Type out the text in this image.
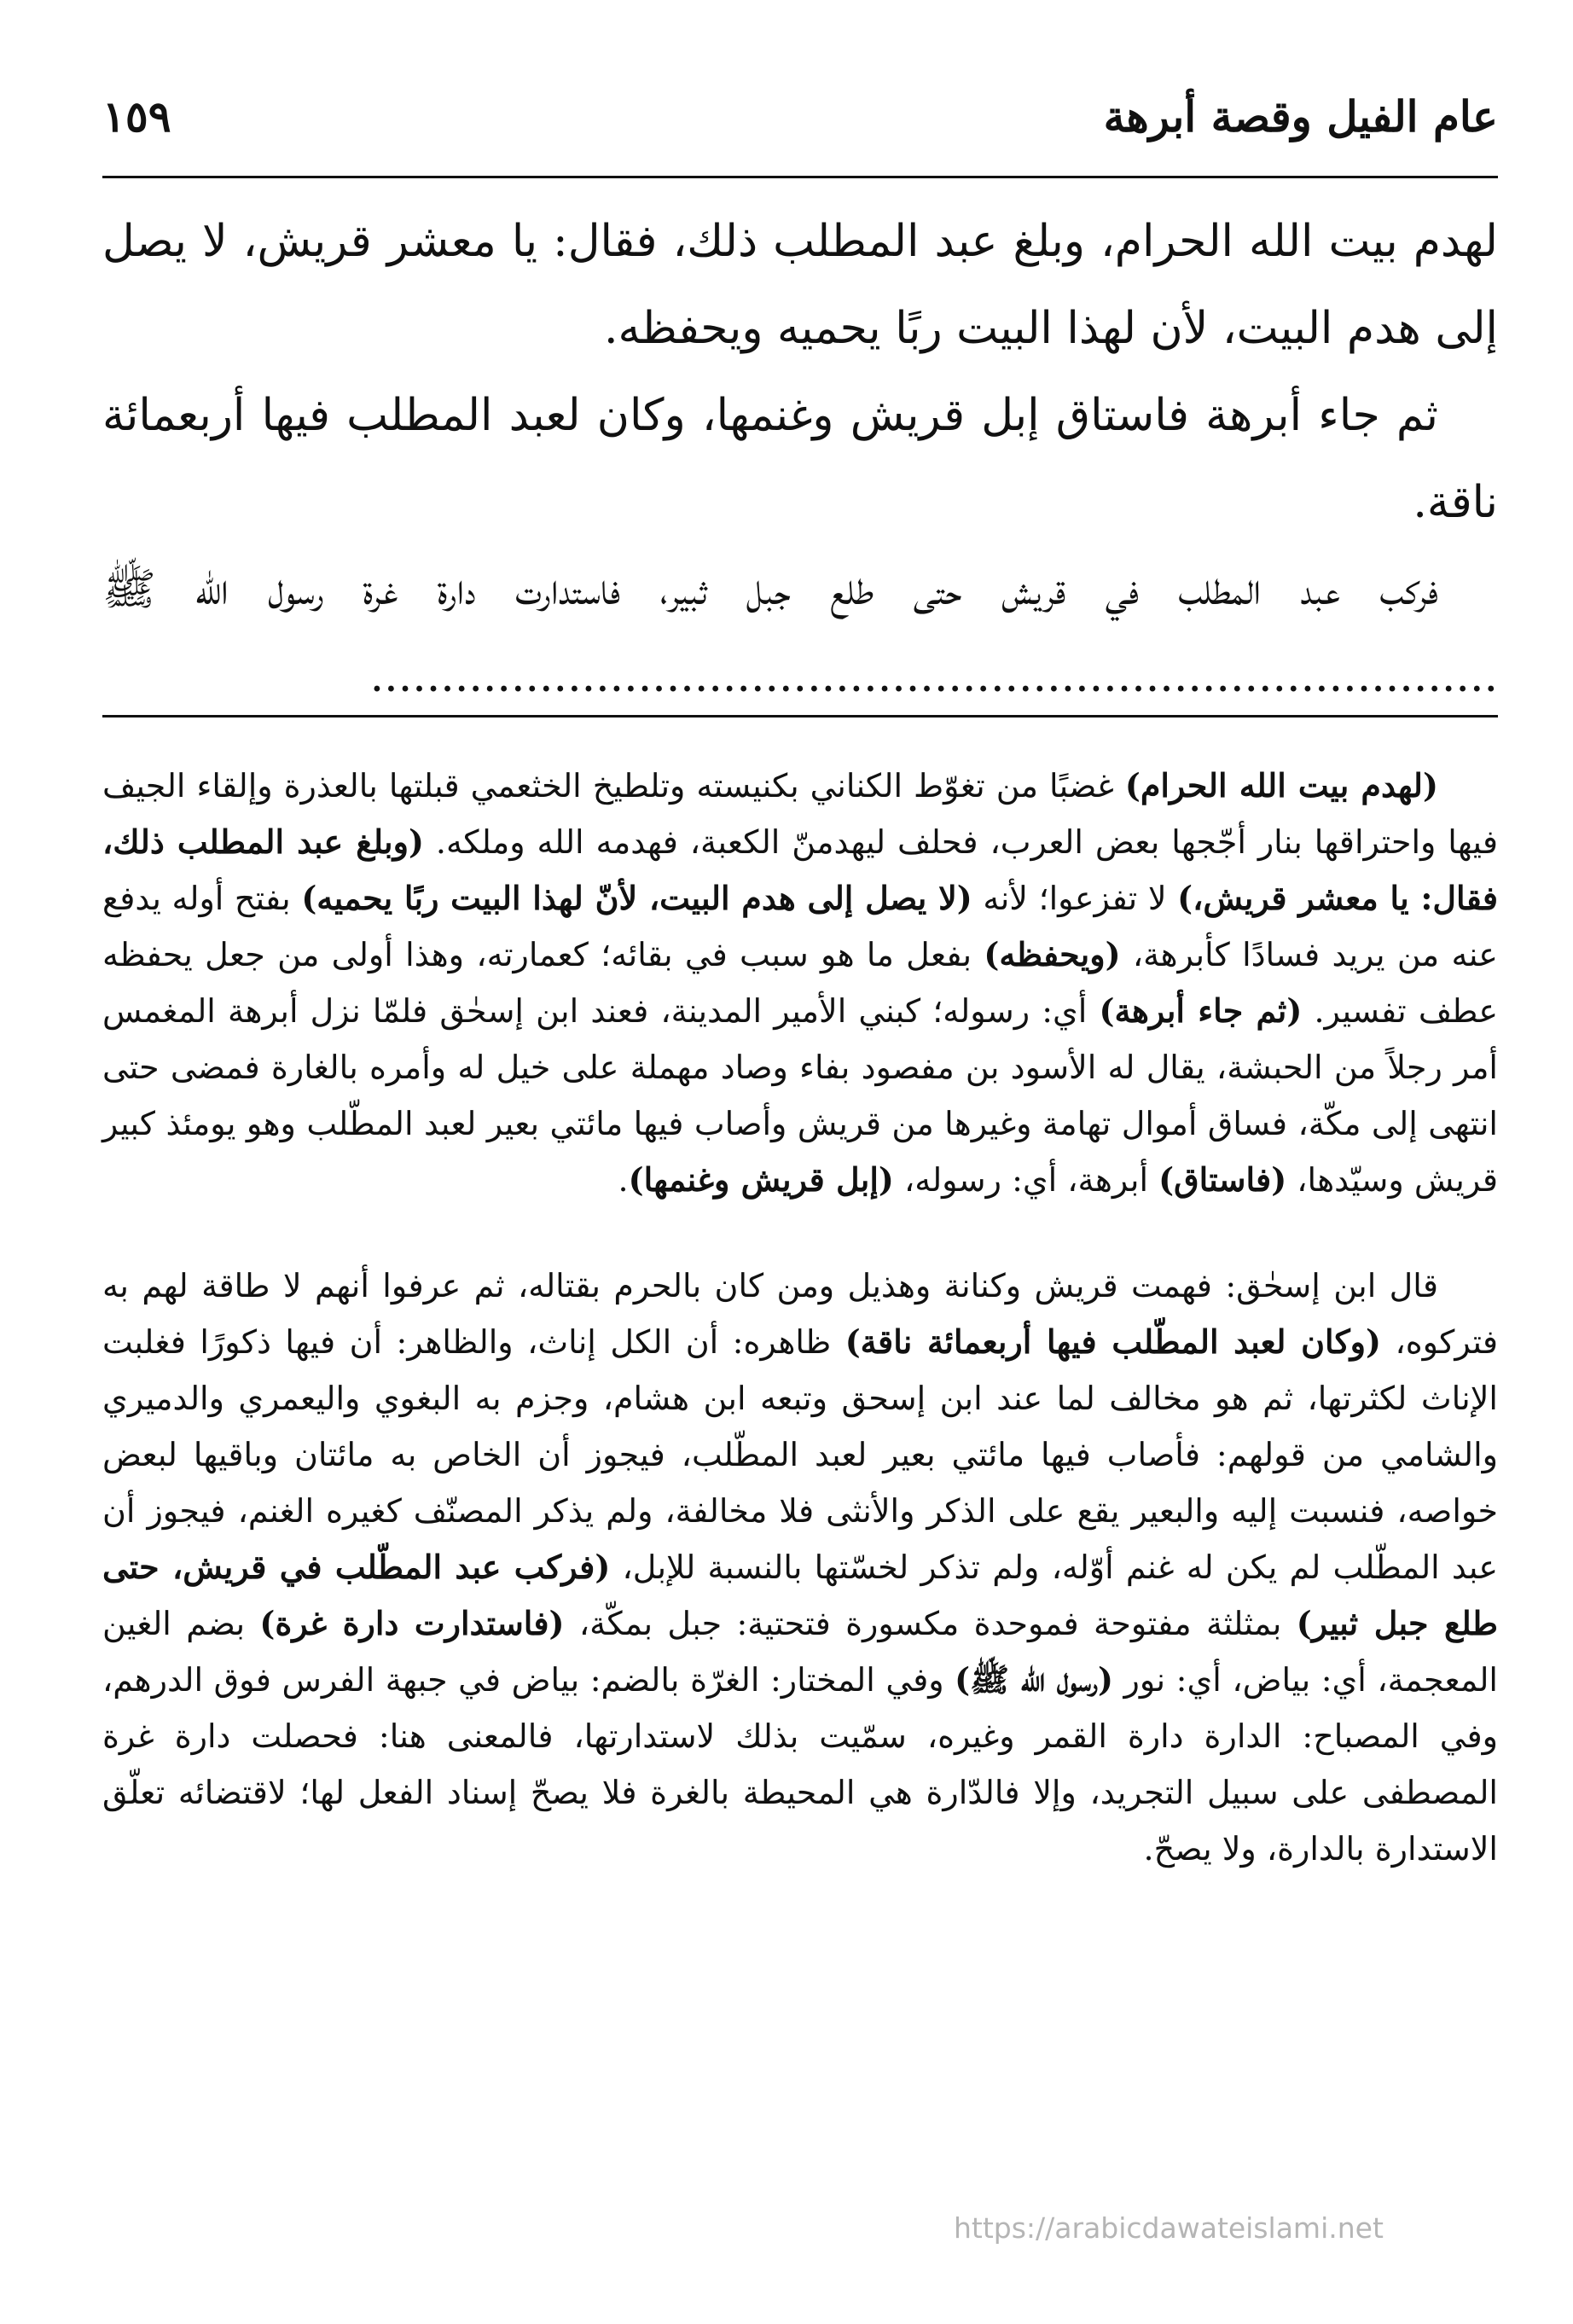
١٥٩	عام الفيل وقصة أبرهة

لهدم بيت الله الحرام، وبلغ عبد المطلب ذلك، فقال: يا معشر قريش، لا يصل إلى هدم البيت، لأن لهذا البيت ربًا يحميه ويحفظه.

ثم جاء أبرهة فاستاق إبل قريش وغنمها، وكان لعبد المطلب فيها أربعمائة ناقة.

فركب عبد المطلب في قريش حتى طلع جبل ثبير، فاستدارت دارة غرة رسول الله ﷺ ................................................................................

(لهدم بيت الله الحرام) غضبًا من تغوّط الكناني بكنيسته وتلطيخ الخثعمي قبلتها بالعذرة وإلقاء الجيف فيها واحتراقها بنار أجّجها بعض العرب، فحلف ليهدمنّ الكعبة، فهدمه الله وملكه. (وبلغ عبد المطلب ذلك، فقال: يا معشر قريش،) لا تفزعوا؛ لأنه (لا يصل إلى هدم البيت، لأنّ لهذا البيت ربًا يحميه) بفتح أوله يدفع عنه من يريد فسادًا كأبرهة، (ويحفظه) بفعل ما هو سبب في بقائه؛ كعمارته، وهذا أولى من جعل يحفظه عطف تفسير. (ثم جاء أبرهة) أي: رسوله؛ كبني الأمير المدينة، فعند ابن إسحٰق فلمّا نزل أبرهة المغمس أمر رجلاً من الحبشة، يقال له الأسود بن مفصود بفاء وصاد مهملة على خيل له وأمره بالغارة فمضى حتى انتهى إلى مكّة، فساق أموال تهامة وغيرها من قريش وأصاب فيها مائتي بعير لعبد المطّلب وهو يومئذ كبير قريش وسيّدها، (فاستاق) أبرهة، أي: رسوله، (إبل قريش وغنمها).

قال ابن إسحٰق: فهمت قريش وكنانة وهذيل ومن كان بالحرم بقتاله، ثم عرفوا أنهم لا طاقة لهم به فتركوه، (وكان لعبد المطّلب فيها أربعمائة ناقة) ظاهره: أن الكل إناث، والظاهر: أن فيها ذكورًا فغلبت الإناث لكثرتها، ثم هو مخالف لما عند ابن إسحق وتبعه ابن هشام، وجزم به البغوي واليعمري والدميري والشامي من قولهم: فأصاب فيها مائتي بعير لعبد المطّلب، فيجوز أن الخاص به مائتان وباقيها لبعض خواصه، فنسبت إليه والبعير يقع على الذكر والأنثى فلا مخالفة، ولم يذكر المصنّف كغيره الغنم، فيجوز أن عبد المطّلب لم يكن له غنم أوّله، ولم تذكر لخسّتها بالنسبة للإبل، (فركب عبد المطّلب في قريش، حتى طلع جبل ثبير) بمثلثة مفتوحة فموحدة مكسورة فتحتية: جبل بمكّة، (فاستدارت دارة غرة) بضم الغين المعجمة، أي: بياض، أي: نور (رسول الله ﷺ) وفي المختار: الغرّة بالضم: بياض في جبهة الفرس فوق الدرهم، وفي المصباح: الدارة دارة القمر وغيره، سمّيت بذلك لاستدارتها، فالمعنى هنا: فحصلت دارة غرة المصطفى على سبيل التجريد، وإلا فالدّارة هي المحيطة بالغرة فلا يصحّ إسناد الفعل لها؛ لاقتضائه تعلّق الاستدارة بالدارة، ولا يصحّ.

https://arabicdawateislami.net
